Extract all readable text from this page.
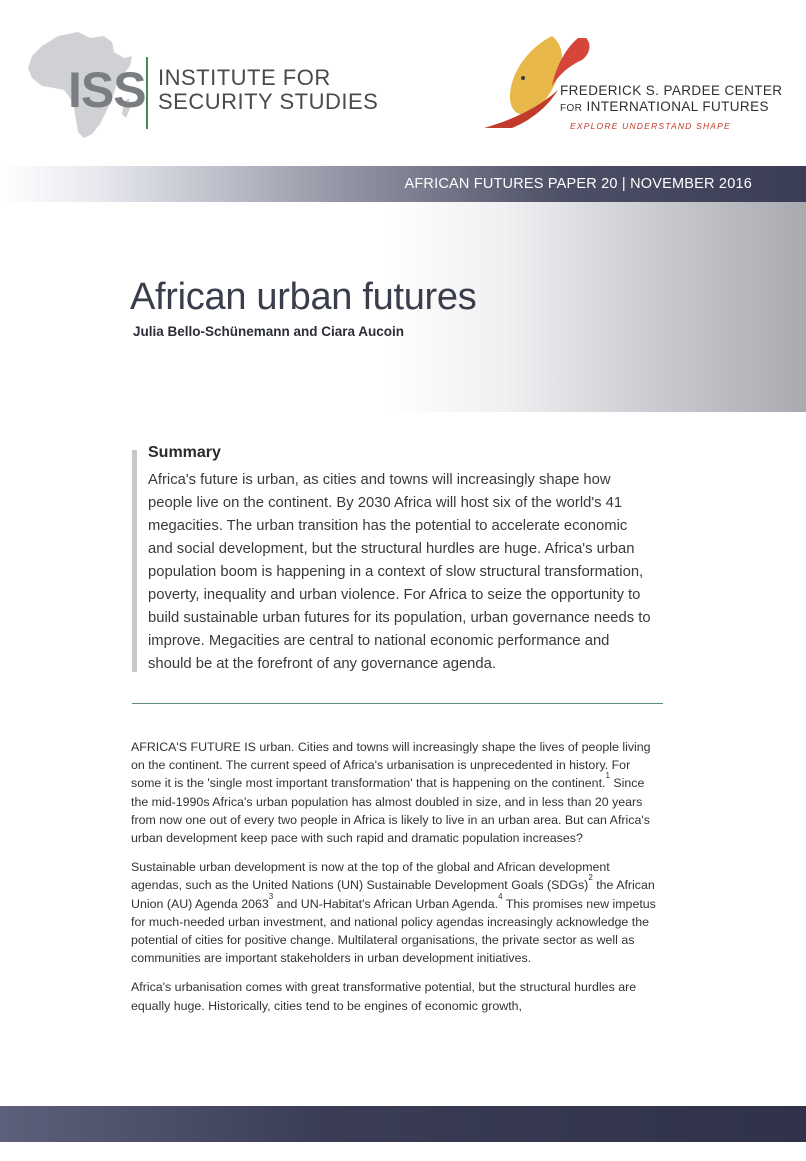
ISS INSTITUTE FOR
SECURITY STUDIES	FREDERICK S. PARDEE CENTER
FOR INTERNATIONAL FUTURES
EXPLORE UNDERSTAND SHAPE
AFRICAN FUTURES PAPER 20 | NOVEMBER 2016
African urban futures
Julia Bello-Schünemann and Ciara Aucoin
Summary
Africa's future is urban, as cities and towns will increasingly shape how people live on the continent. By 2030 Africa will host six of the world's 41 megacities. The urban transition has the potential to accelerate economic and social development, but the structural hurdles are huge. Africa's urban population boom is happening in a context of slow structural transformation, poverty, inequality and urban violence. For Africa to seize the opportunity to build sustainable urban futures for its population, urban governance needs to improve. Megacities are central to national economic performance and should be at the forefront of any governance agenda.

AFRICA'S FUTURE IS urban. Cities and towns will increasingly shape the lives of people living on the continent. The current speed of Africa's urbanisation is unprecedented in history. For some it is the 'single most important transformation' that is happening on the continent.$^1$ Since the mid-1990s Africa's urban population has almost doubled in size, and in less than 20 years from now one out of every two people in Africa is likely to live in an urban area. But can Africa's urban development keep pace with such rapid and dramatic population increases?

Sustainable urban development is now at the top of the global and African development agendas, such as the United Nations (UN) Sustainable Development Goals (SDGs)$^2$ the African Union (AU) Agenda 2063$^3$ and UN-Habitat's African Urban Agenda.$^4$ This promises new impetus for much-needed urban investment, and national policy agendas increasingly acknowledge the potential of cities for positive change. Multilateral organisations, the private sector as well as communities are important stakeholders in urban development initiatives.

Africa's urbanisation comes with great transformative potential, but the structural hurdles are equally huge. Historically, cities tend to be engines of economic growth,
